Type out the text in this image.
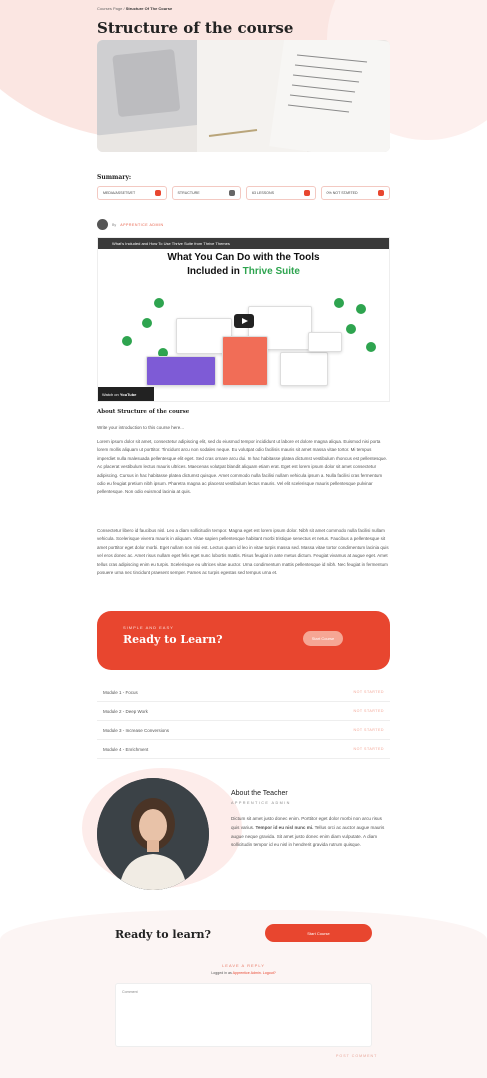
Courses Page / Structure Of The Course
Structure of the course
Summary:
MEDIA/ASSETS/ET	STRUCTURE	63 LESSONS	0% NOT STARTED
By APPRENTICE ADMIN
What's Included and How To Use Thrive Suite from Thrive Themes
What You Can Do with the Tools
Included in Thrive Suite
Watch on
YouTube
About Structure of the course

Write your introduction to this course here...

Lorem ipsum dolor sit amet, consectetur adipiscing elit, sed do eiusmod tempor incididunt ut labore et dolore magna aliqua. Euismod nisi porta lorem mollis aliquam ut porttitor. Tincidunt arcu non sodales neque. Eu volutpat odio facilisis mauris sit amet massa vitae tortor. Mi tempus imperdiet nulla malesuada pellentesque elit eget. Sed cras ornare arcu dui. In hac habitasse platea dictumst vestibulum rhoncus est pellentesque. Ac placerat vestibulum lectus mauris ultrices. Maecenas volutpat blandit aliquam etiam erat. Eget est lorem ipsum dolor sit amet consectetur adipiscing. Cursus in hac habitasse platea dictumst quisque. Amet commodo nulla facilisi nullam vehicula ipsum a. Nulla facilisi cras fermentum odio eu feugiat pretium nibh ipsum. Pharetra magna ac placerat vestibulum lectus mauris. Vel elit scelerisque mauris pellentesque pulvinar pellentesque. Non odio euismod lacinia at quis.

Consectetur libero id faucibus nisl. Leo a diam sollicitudin tempor. Magna eget est lorem ipsum dolor. Nibh sit amet commodo nulla facilisi nullam vehicula. Scelerisque viverra mauris in aliquam. Vitae sapien pellentesque habitant morbi tristique senectus et netus. Faucibus a pellentesque sit amet porttitor eget dolor morbi. Eget nullam non nisi est. Lectus quam id leo in vitae turpis massa sed. Massa vitae tortor condimentum lacinia quis vel eros donec ac. Amet risus nullam eget felis eget nunc lobortis mattis. Risus feugiat in ante metus dictum. Feugiat vivamus at augue eget. Amet tellus cras adipiscing enim eu turpis. Scelerisque eu ultrices vitae auctor. Urna condimentum mattis pellentesque id nibh. Nec feugiat in fermentum posuere urna nec tincidunt praesent semper. Fames ac turpis egestas sed tempus urna et.

SIMPLE AND EASY
Ready to Learn?	Start Course
Module 1 - Focus	NOT STARTED
Module 2 - Deep Work	NOT STARTED
Module 3 - Increase Conversions	NOT STARTED
Module 4 - Enrichment	NOT STARTED
About the Teacher
APPRENTICE ADMIN

Dictum sit amet justo donec enim. Porttitor eget dolor morbi non arcu risus quis varius. Tempor id eu nisl nunc mi. Tellus orci ac auctor augue mauris augue neque gravida. Sit amet justo donec enim diam vulputate. A diam sollicitudin tempor id eu nisl in hendrerit gravida rutrum quisque.

Ready to learn?	Start Course
LEAVE A REPLY
Logged in as Apprentice Admin. Logout?
Comment
POST COMMENT
